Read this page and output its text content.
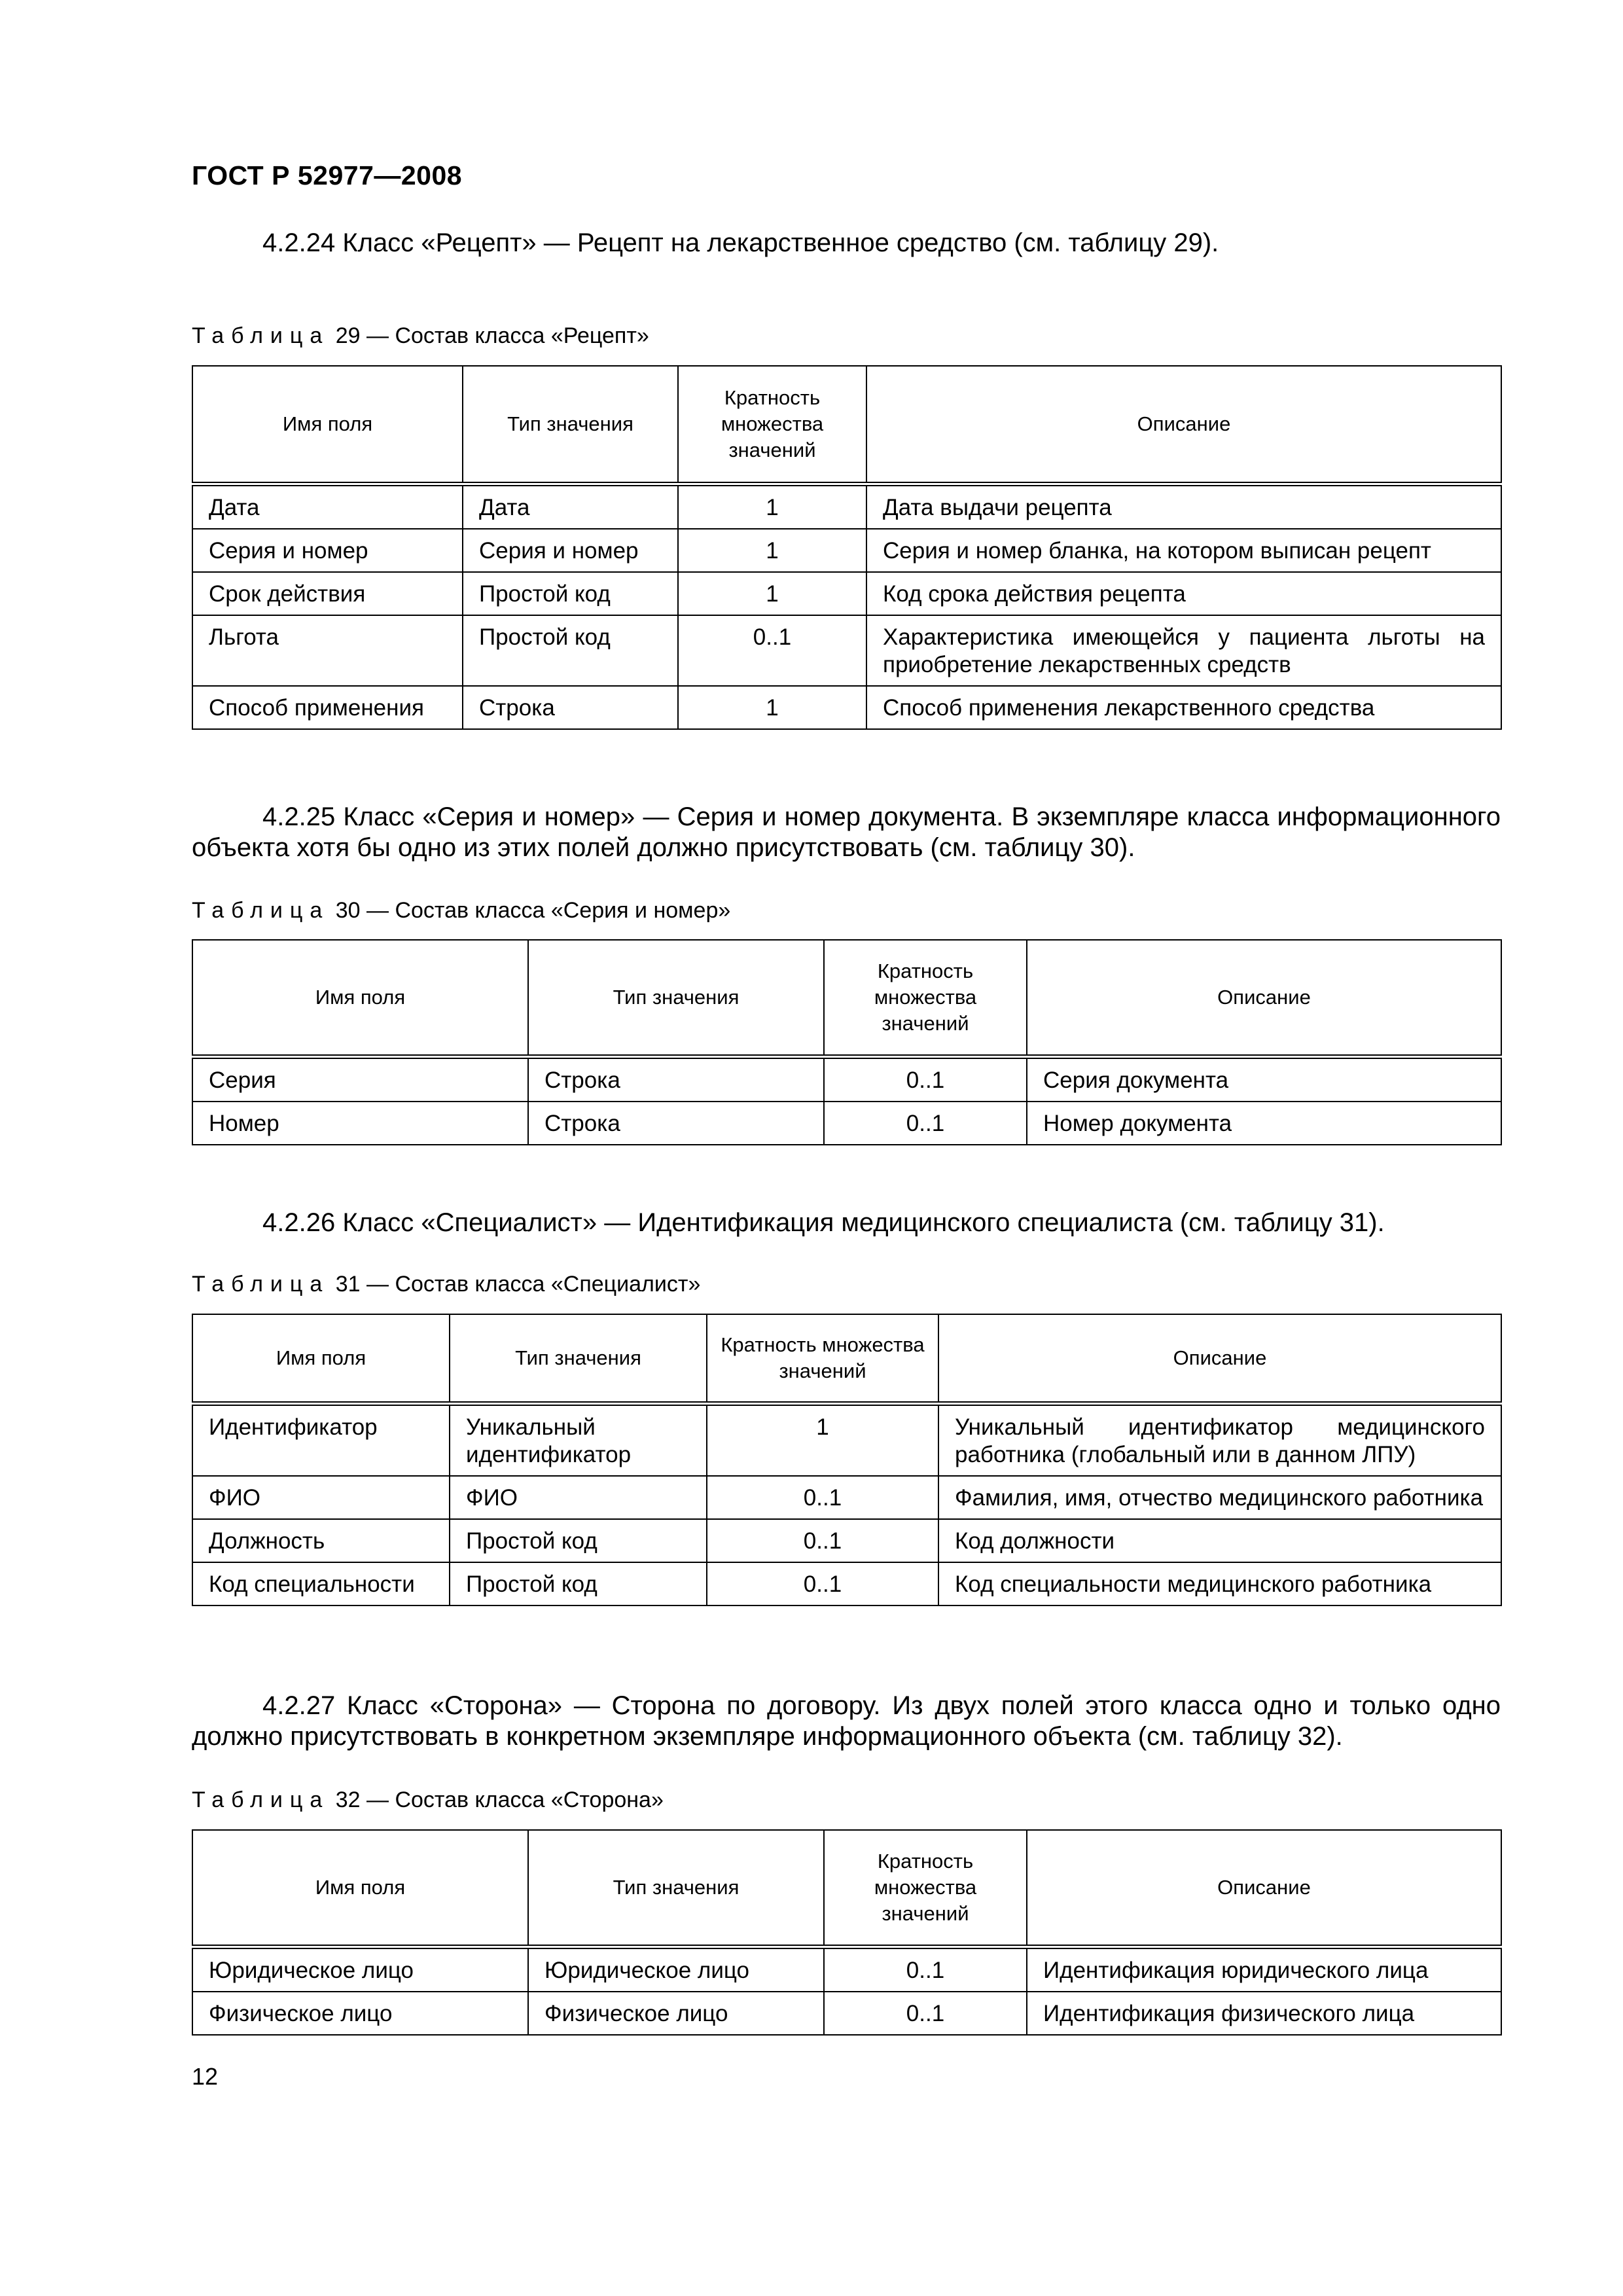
ГОСТ Р 52977—2008
4.2.24 Класс «Рецепт» — Рецепт на лекарственное средство (см. таблицу 29).
Таблица 29 — Состав класса «Рецепт»
Имя поля	Тип значения	Кратность множества значений	Описание
Дата	Дата	1	Дата выдачи рецепта
Серия и номер	Серия и номер	1	Серия и номер бланка, на котором выписан рецепт
Срок действия	Простой код	1	Код срока действия рецепта
Льгота	Простой код	0..1	Характеристика имеющейся у пациента льготы на приобретение лекарственных средств
Способ применения	Строка	1	Способ применения лекарственного средства
4.2.25 Класс «Серия и номер» — Серия и номер документа. В экземпляре класса информационного объекта хотя бы одно из этих полей должно присутствовать (см. таблицу 30).
Таблица 30 — Состав класса «Серия и номер»
Имя поля	Тип значения	Кратность множества значений	Описание
Серия	Строка	0..1	Серия документа
Номер	Строка	0..1	Номер документа
4.2.26 Класс «Специалист» — Идентификация медицинского специалиста (см. таблицу 31).
Таблица 31 — Состав класса «Специалист»
Имя поля	Тип значения	Кратность множества значений	Описание
Идентификатор	Уникальный идентификатор	1	Уникальный идентификатор медицинского работника (глобальный или в данном ЛПУ)
ФИО	ФИО	0..1	Фамилия, имя, отчество медицинского работника
Должность	Простой код	0..1	Код должности
Код специальности	Простой код	0..1	Код специальности медицинского работника
4.2.27 Класс «Сторона» — Сторона по договору. Из двух полей этого класса одно и только одно должно присутствовать в конкретном экземпляре информационного объекта (см. таблицу 32).
Таблица 32 — Состав класса «Сторона»
Имя поля	Тип значения	Кратность множества значений	Описание
Юридическое лицо	Юридическое лицо	0..1	Идентификация юридического лица
Физическое лицо	Физическое лицо	0..1	Идентификация физического лица
12
